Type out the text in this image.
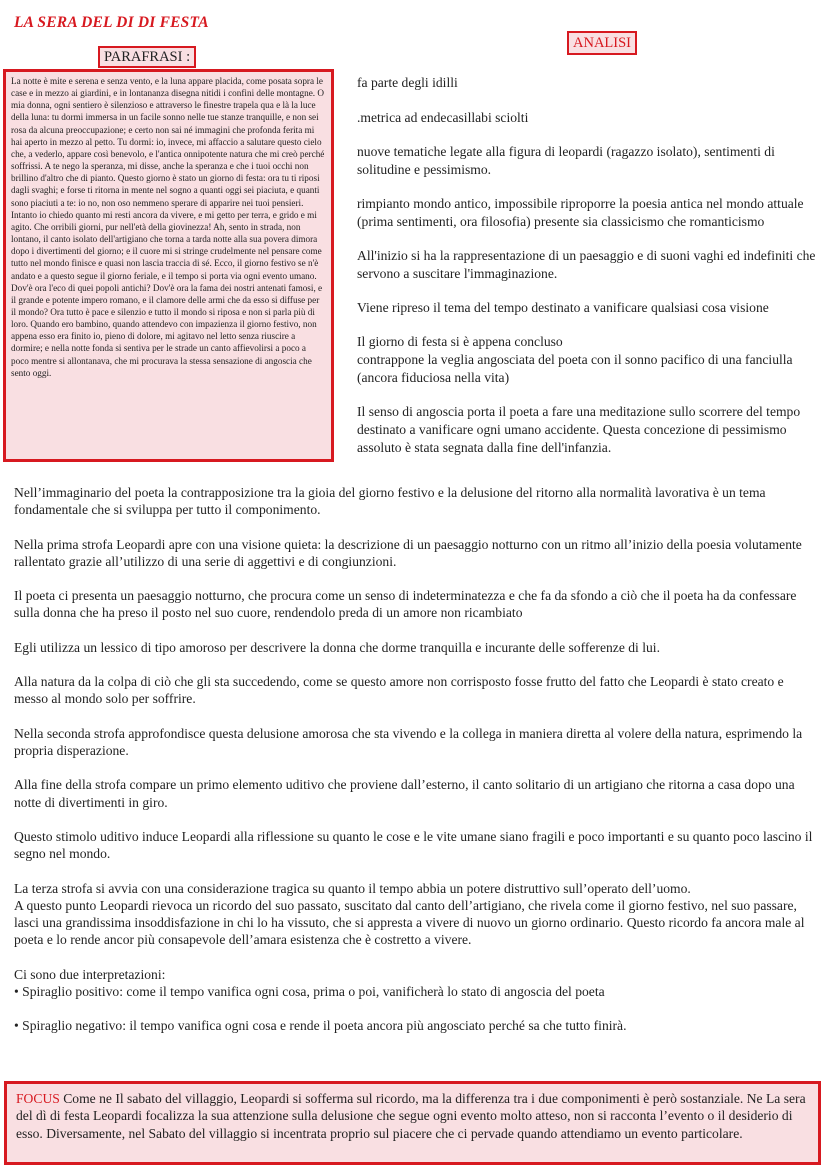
LA SERA DEL DI DI FESTA
PARAFRASI :
ANALISI
La notte è mite e serena e senza vento, e la luna appare placida, come posata sopra le case e in mezzo ai giardini, e in lontananza disegna nitidi i confini delle montagne. O mia donna, ogni sentiero è silenzioso e attraverso le finestre trapela qua e là la luce della luna: tu dormi immersa in un facile sonno nelle tue stanze tranquille, e non sei rosa da alcuna preoccupazione; e certo non sai né immagini che profonda ferita mi hai aperto in mezzo al petto. Tu dormi: io, invece, mi affaccio a salutare questo cielo che, a vederlo, appare così benevolo, e l'antica onnipotente natura che mi creò perché soffrissi. A te nego la speranza, mi disse, anche la speranza e che i tuoi occhi non brillino d'altro che di pianto. Questo giorno è stato un giorno di festa: ora tu ti riposi dagli svaghi; e forse ti ritorna in mente nel sogno a quanti oggi sei piaciuta, e quanti sono piaciuti a te: io no, non oso nemmeno sperare di apparire nei tuoi pensieri. Intanto io chiedo quanto mi resti ancora da vivere, e mi getto per terra, e grido e mi agito. Che orribili giorni, pur nell'età della giovinezza! Ah, sento in strada, non lontano, il canto isolato dell'artigiano che torna a tarda notte alla sua povera dimora dopo i divertimenti del giorno; e il cuore mi si stringe crudelmente nel pensare come tutto nel mondo finisce e quasi non lascia traccia di sé. Ecco, il giorno festivo se n'è andato e a questo segue il giorno feriale, e il tempo si porta via ogni evento umano. Dov'è ora l'eco di quei popoli antichi? Dov'è ora la fama dei nostri antenati famosi, e il grande e potente impero romano, e il clamore delle armi che da esso si diffuse per il mondo? Ora tutto è pace e silenzio e tutto il mondo si riposa e non si parla più di loro. Quando ero bambino, quando attendevo con impazienza il giorno festivo, non appena esso era finito io, pieno di dolore, mi agitavo nel letto senza riuscire a dormire; e nella notte fonda si sentiva per le strade un canto affievolirsi a poco a poco mentre si allontanava, che mi procurava la stessa sensazione di angoscia che sento oggi.

fa parte degli idilli

.metrica ad endecasillabi sciolti

nuove tematiche legate alla figura di leopardi (ragazzo isolato), sentimenti di solitudine e pessimismo.

rimpianto mondo antico, impossibile riproporre la poesia antica nel mondo attuale (prima sentimenti, ora filosofia) presente sia classicismo che romanticismo

All'inizio si ha la rappresentazione di un paesaggio e di suoni vaghi ed indefiniti che servono a suscitare l'immaginazione.

Viene ripreso il tema del tempo destinato a vanificare qualsiasi cosa visione

Il giorno di festa si è appena concluso

contrappone la veglia angosciata del poeta con il sonno pacifico di una fanciulla (ancora fiduciosa nella vita)

Il senso di angoscia porta il poeta a fare una meditazione sullo scorrere del tempo destinato a vanificare ogni umano accidente. Questa concezione di pessimismo assoluto è stata segnata dalla fine dell'infanzia.

Nell’immaginario del poeta la contrapposizione tra la gioia del giorno festivo e la delusione del ritorno alla normalità lavorativa è un tema fondamentale che si sviluppa per tutto il componimento.

Nella prima strofa Leopardi apre con una visione quieta: la descrizione di un paesaggio notturno con un ritmo all’inizio della poesia volutamente rallentato grazie all’utilizzo di una serie di aggettivi e di congiunzioni.

Il poeta ci presenta un paesaggio notturno, che procura come un senso di indeterminatezza e che fa da sfondo a ciò che il poeta ha da confessare sulla donna che ha preso il posto nel suo cuore, rendendolo preda di un amore non ricambiato

Egli utilizza un lessico di tipo amoroso per descrivere la donna che dorme tranquilla e incurante delle sofferenze di lui.

Alla natura da la colpa di ciò che gli sta succedendo, come se questo amore non corrisposto fosse frutto del fatto che Leopardi è stato creato e messo al mondo solo per soffrire.

Nella seconda strofa approfondisce questa delusione amorosa che sta vivendo e la collega in maniera diretta al volere della natura, esprimendo la propria disperazione.

Alla fine della strofa compare un primo elemento uditivo che proviene dall’esterno, il canto solitario di un artigiano che ritorna a casa dopo una notte di divertimenti in giro.

Questo stimolo uditivo induce Leopardi alla riflessione su quanto le cose e le vite umane siano fragili e poco importanti e su quanto poco lascino il segno nel mondo.

La terza strofa si avvia con una considerazione tragica su quanto il tempo abbia un potere distruttivo sull’operato dell’uomo.

A questo punto Leopardi rievoca un ricordo del suo passato, suscitato dal canto dell’artigiano, che rivela come il giorno festivo, nel suo passare, lasci una grandissima insoddisfazione in chi lo ha vissuto, che si appresta a vivere di nuovo un giorno ordinario. Questo ricordo fa ancora male al poeta e lo rende ancor più consapevole dell’amara esistenza che è costretto a vivere.

Ci sono due interpretazioni:

• Spiraglio positivo: come il tempo vanifica ogni cosa, prima o poi, vanificherà lo stato di angoscia del poeta

• Spiraglio negativo: il tempo vanifica ogni cosa e rende il poeta ancora più angosciato perché sa che tutto finirà.

FOCUS Come ne Il sabato del villaggio, Leopardi si sofferma sul ricordo, ma la differenza tra i due componimenti è però sostanziale. Ne La sera del dì di festa Leopardi focalizza la sua attenzione sulla delusione che segue ogni evento molto atteso, non si racconta l’evento o il desiderio di esso. Diversamente, nel Sabato del villaggio si incentrata proprio sul piacere che ci pervade quando attendiamo un evento particolare.
